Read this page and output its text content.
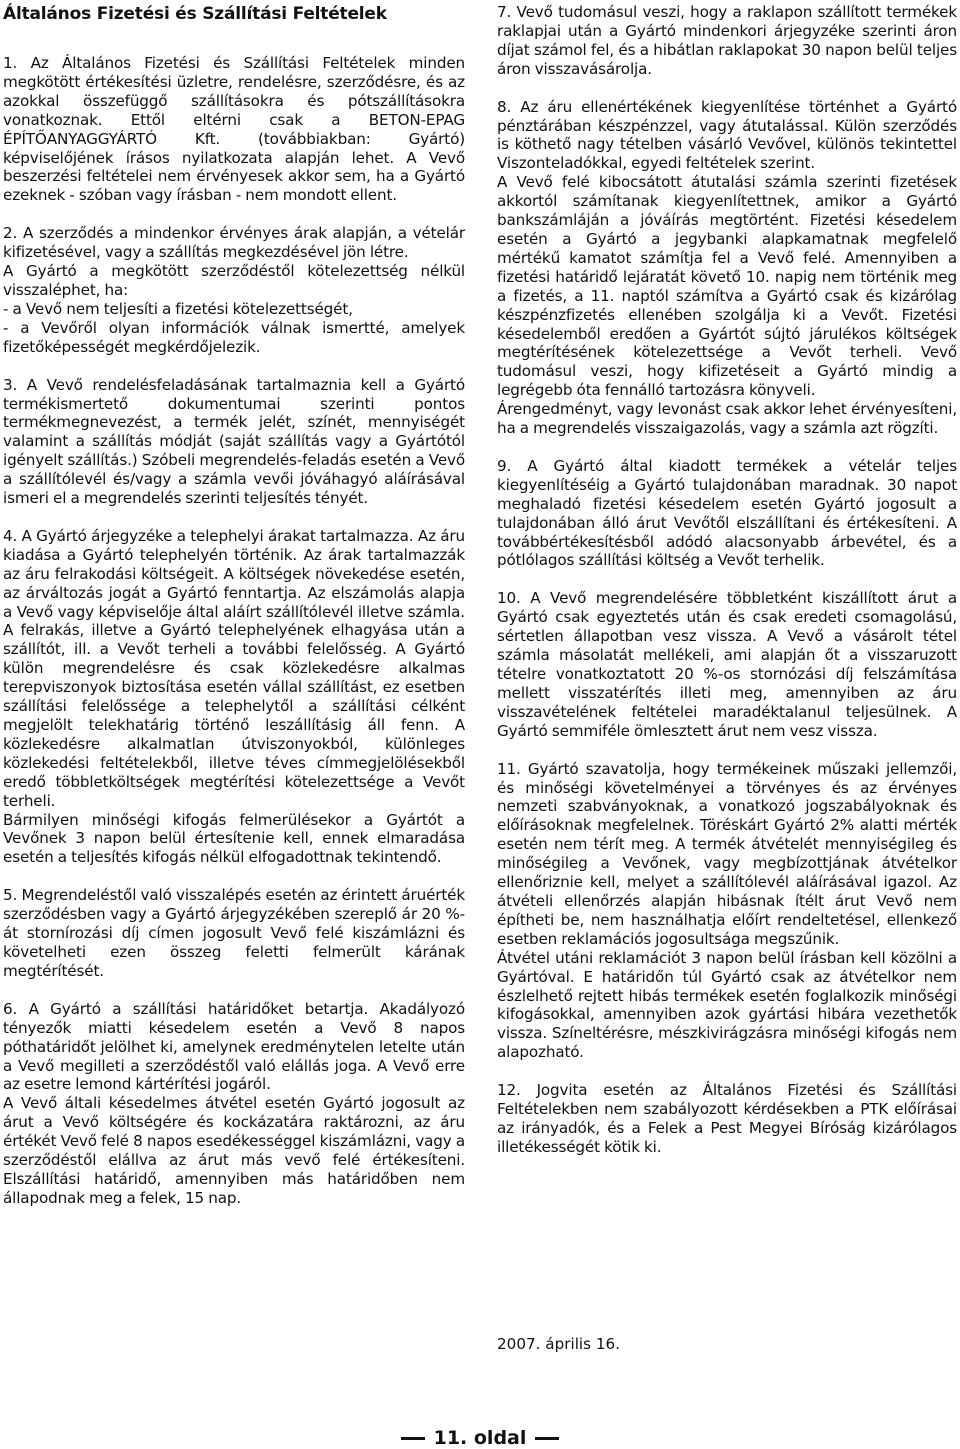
Általános Fizetési és Szállítási Feltételek

1. Az Általános Fizetési és Szállítási Feltételek minden megkötött értékesítési üzletre, rendelésre, szerződésre, és az azokkal összefüggő szállításokra és pótszállításokra vonatkoznak. Ettől eltérni csak a BETON-EPAG ÉPÍTŐANYAGGYÁRTÓ Kft. (továbbiakban: Gyártó) képviselőjének írásos nyilatkozata alapján lehet. A Vevő beszerzési feltételei nem érvényesek akkor sem, ha a Gyártó ezeknek - szóban vagy írásban - nem mondott ellent.

2. A szerződés a mindenkor érvényes árak alapján, a vételár kifizetésével, vagy a szállítás megkezdésével jön létre.

A Gyártó a megkötött szerződéstől kötelezettség nélkül visszaléphet, ha:

- a Vevő nem teljesíti a fizetési kötelezettségét,

- a Vevőről olyan információk válnak ismertté, amelyek fizetőképességét megkérdőjelezik.

3. A Vevő rendelésfeladásának tartalmaznia kell a Gyártó termékismertető dokumentumai szerinti pontos termékmegnevezést, a termék jelét, színét, mennyiségét valamint a szállítás módját (saját szállítás vagy a Gyártótól igényelt szállítás.) Szóbeli megrendelés-feladás esetén a Vevő a szállítólevél és/vagy a számla vevői jóváhagyó aláírásával ismeri el a megrendelés szerinti teljesítés tényét.

4. A Gyártó árjegyzéke a telephelyi árakat tartalmazza. Az áru kiadása a Gyártó telephelyén történik. Az árak tartalmazzák az áru felrakodási költségeit. A költségek növekedése esetén, az árváltozás jogát a Gyártó fenntartja. Az elszámolás alapja a Vevő vagy képviselője által aláírt szállítólevél illetve számla. A felrakás, illetve a Gyártó telephelyének elhagyása után a szállítót, ill. a Vevőt terheli a további felelősség. A Gyártó külön megrendelésre és csak közlekedésre alkalmas terepviszonyok biztosítása esetén vállal szállítást, ez esetben szállítási felelőssége a telephelytől a szállítási célként megjelölt telekhatárig történő leszállításig áll fenn. A közlekedésre alkalmatlan útviszonyokból, különleges közlekedési feltételekből, illetve téves címmegjelölésekből eredő többletköltségek megtérítési kötelezettsége a Vevőt terheli.

Bármilyen minőségi kifogás felmerülésekor a Gyártót a Vevőnek 3 napon belül értesítenie kell, ennek elmaradása esetén a teljesítés kifogás nélkül elfogadottnak tekintendő.

5. Megrendeléstől való visszalépés esetén az érintett áruérték szerződésben vagy a Gyártó árjegyzékében szereplő ár 20 %-át stornírozási díj címen jogosult Vevő felé kiszámlázni és követelheti ezen összeg feletti felmerült kárának megtérítését.

6. A Gyártó a szállítási határidőket betartja. Akadályozó tényezők miatti késedelem esetén a Vevő 8 napos póthatáridőt jelölhet ki, amelynek eredménytelen letelte után a Vevő megilleti a szerződéstől való elállás joga. A Vevő erre az esetre lemond kártérítési jogáról.

A Vevő általi késedelmes átvétel esetén Gyártó jogosult az árut a Vevő költségére és kockázatára raktározni, az áru értékét Vevő felé 8 napos esedékességgel kiszámlázni, vagy a szerződéstől elállva az árut más vevő felé értékesíteni. Elszállítási határidő, amennyiben más határidőben nem állapodnak meg a felek, 15 nap.

7. Vevő tudomásul veszi, hogy a raklapon szállított termékek raklapjai után a Gyártó mindenkori árjegyzéke szerinti áron díjat számol fel, és a hibátlan raklapokat 30 napon belül teljes áron visszavásárolja.

8. Az áru ellenértékének kiegyenlítése történhet a Gyártó pénztárában készpénzzel, vagy átutalással. Külön szerződés is köthető nagy tételben vásárló Vevővel, különös tekintettel Viszonteladókkal, egyedi feltételek szerint.

A Vevő felé kibocsátott átutalási számla szerinti fizetések akkortól számítanak kiegyenlítettnek, amikor a Gyártó bankszámláján a jóváírás megtörtént. Fizetési késedelem esetén a Gyártó a jegybanki alapkamatnak megfelelő mértékű kamatot számítja fel a Vevő felé. Amennyiben a fizetési határidő lejáratát követő 10. napig nem történik meg a fizetés, a 11. naptól számítva a Gyártó csak és kizárólag készpénzfizetés ellenében szolgálja ki a Vevőt. Fizetési késedelemből eredően a Gyártót sújtó járulékos költségek megtérítésének kötelezettsége a Vevőt terheli. Vevő tudomásul veszi, hogy kifizetéseit a Gyártó mindig a legrégebb óta fennálló tartozásra könyveli.

Árengedményt, vagy levonást csak akkor lehet érvényesíteni, ha a megrendelés visszaigazolás, vagy a számla azt rögzíti.

9. A Gyártó által kiadott termékek a vételár teljes kiegyenlítéséig a Gyártó tulajdonában maradnak. 30 napot meghaladó fizetési késedelem esetén Gyártó jogosult a tulajdonában álló árut Vevőtől elszállítani és értékesíteni. A továbbértékesítésből adódó alacsonyabb árbevétel, és a pótlólagos szállítási költség a Vevőt terhelik.

10. A Vevő megrendelésére többletként kiszállított árut a Gyártó csak egyeztetés után és csak eredeti csomagolású, sértetlen állapotban vesz vissza. A Vevő a vásárolt tétel számla másolatát mellékeli, ami alapján őt a visszaruzott tételre vonatkoztatott 20 %-os stornózási díj felszámítása mellett visszatérítés illeti meg, amennyiben az áru visszavételének feltételei maradéktalanul teljesülnek. A Gyártó semmiféle ömlesztett árut nem vesz vissza.

11. Gyártó szavatolja, hogy termékeinek műszaki jellemzői, és minőségi követelményei a törvényes és az érvényes nemzeti szabványoknak, a vonatkozó jogszabályoknak és előírásoknak megfelelnek. Töréskárt Gyártó 2% alatti mérték esetén nem térít meg. A termék átvételét mennyiségileg és minőségileg a Vevőnek, vagy megbízottjának átvételkor ellenőriznie kell, melyet a szállítólevél aláírásával igazol. Az átvételi ellenőrzés alapján hibásnak ítélt árut Vevő nem építheti be, nem használhatja előírt rendeltetésel, ellenkező esetben reklamációs jogosultsága megszűnik.

Átvétel utáni reklamációt 3 napon belül írásban kell közölni a Gyártóval. E határidőn túl Gyártó csak az átvételkor nem észlelhető rejtett hibás termékek esetén foglalkozik minőségi kifogásokkal, amennyiben azok gyártási hibára vezethetők vissza. Színeltérésre, mészkivirágzásra minőségi kifogás nem alapozható.

12. Jogvita esetén az Általános Fizetési és Szállítási Feltételekben nem szabályozott kérdésekben a PTK előírásai az irányadók, és a Felek a Pest Megyei Bíróság kizárólagos illetékességét kötik ki.

2007. április 16.

11. oldal
